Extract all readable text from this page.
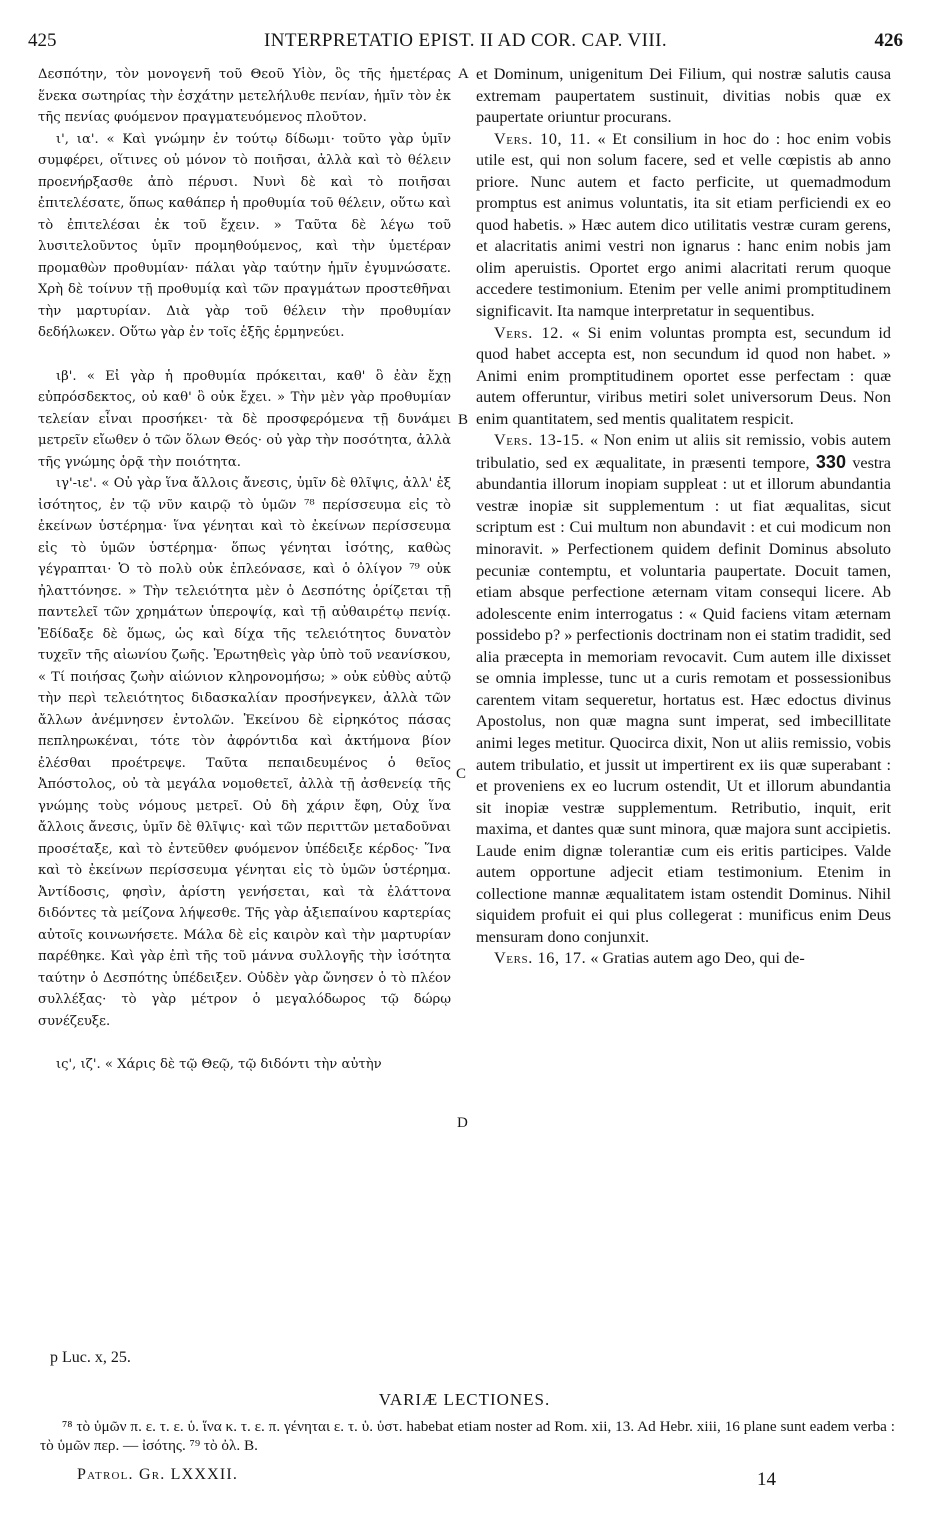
425	INTERPRETATIO EPIST. II AD COR. CAP. VIII.	426

Δεσπότην, τὸν μονογενῆ τοῦ Θεοῦ Υἱὸν, ὃς τῆς ἡμετέρας ἕνεκα σωτηρίας τὴν ἐσχάτην μετελήλυθε πενίαν, ἡμῖν τὸν ἐκ τῆς πενίας φυόμενον πραγματευόμενος πλοῦτον.

ι', ια'. « Καὶ γνώμην ἐν τούτῳ δίδωμι· τοῦτο γὰρ ὑμῖν συμφέρει, οἵτινες οὐ μόνον τὸ ποιῆσαι, ἀλλὰ καὶ τὸ θέλειν προενήρξασθε ἀπὸ πέρυσι. Νυνὶ δὲ καὶ τὸ ποιῆσαι ἐπιτελέσατε, ὅπως καθάπερ ἡ προθυμία τοῦ θέλειν, οὕτω καὶ τὸ ἐπιτελέσαι ἐκ τοῦ ἔχειν. » Ταῦτα δὲ λέγω τοῦ λυσιτελοῦντος ὑμῖν προμηθούμενος, καὶ τὴν ὑμετέραν προμαθὼν προθυμίαν· πάλαι γὰρ ταύτην ἡμῖν ἐγυμνώσατε. Χρὴ δὲ τοίνυν τῇ προθυμίᾳ καὶ τῶν πραγμάτων προστεθῆναι τὴν μαρτυρίαν. Διὰ γὰρ τοῦ θέλειν τὴν προθυμίαν δεδήλωκεν. Οὕτω γὰρ ἐν τοῖς ἑξῆς ἑρμηνεύει.

ιβ'. « Εἰ γὰρ ἡ προθυμία πρόκειται, καθ' ὃ ἐὰν ἔχῃ εὐπρόσδεκτος, οὐ καθ' ὃ οὐκ ἔχει. » Τὴν μὲν γὰρ προθυμίαν τελείαν εἶναι προσήκει· τὰ δὲ προσφερόμενα τῇ δυνάμει μετρεῖν εἴωθεν ὁ τῶν ὅλων Θεός· οὐ γὰρ τὴν ποσότητα, ἀλλὰ τῆς γνώμης ὁρᾷ τὴν ποιότητα.

ιγ'-ιε'. « Οὐ γὰρ ἵνα ἄλλοις ἄνεσις, ὑμῖν δὲ θλῖψις, ἀλλ' ἐξ ἰσότητος, ἐν τῷ νῦν καιρῷ τὸ ὑμῶν ⁷⁸ περίσσευμα εἰς τὸ ἐκείνων ὑστέρημα· ἵνα γένηται καὶ τὸ ἐκείνων περίσσευμα εἰς τὸ ὑμῶν ὑστέρημα· ὅπως γένηται ἰσότης, καθὼς γέγραπται· Ὁ τὸ πολὺ οὐκ ἐπλεόνασε, καὶ ὁ ὀλίγον ⁷⁹ οὐκ ἠλαττόνησε. » Τὴν τελειότητα μὲν ὁ Δεσπότης ὁρίζεται τῇ παντελεῖ τῶν χρημάτων ὑπεροψίᾳ, καὶ τῇ αὐθαιρέτῳ πενίᾳ. Ἐδίδαξε δὲ ὅμως, ὡς καὶ δίχα τῆς τελειότητος δυνατὸν τυχεῖν τῆς αἰωνίου ζωῆς. Ἐρωτηθεὶς γὰρ ὑπὸ τοῦ νεανίσκου, « Τί ποιήσας ζωὴν αἰώνιον κληρονομήσω; » οὐκ εὐθὺς αὐτῷ τὴν περὶ τελειότητος διδασκαλίαν προσήνεγκεν, ἀλλὰ τῶν ἄλλων ἀνέμνησεν ἐντολῶν. Ἐκείνου δὲ εἰρηκότος πάσας πεπληρωκέναι, τότε τὸν ἀφρόντιδα καὶ ἀκτήμονα βίον ἐλέσθαι προέτρεψε. Ταῦτα πεπαιδευμένος ὁ θεῖος Ἀπόστολος, οὐ τὰ μεγάλα νομοθετεῖ, ἀλλὰ τῇ ἀσθενείᾳ τῆς γνώμης τοὺς νόμους μετρεῖ. Οὐ δὴ χάριν ἔφη, Οὐχ ἵνα ἄλλοις ἄνεσις, ὑμῖν δὲ θλῖψις· καὶ τῶν περιττῶν μεταδοῦναι προσέταξε, καὶ τὸ ἐντεῦθεν φυόμενον ὑπέδειξε κέρδος· Ἵνα καὶ τὸ ἐκείνων περίσσευμα γένηται εἰς τὸ ὑμῶν ὑστέρημα. Ἀντίδοσις, φησὶν, ἀρίστη γενήσεται, καὶ τὰ ἐλάττονα διδόντες τὰ μείζονα λήψεσθε. Τῆς γὰρ ἀξιεπαίνου καρτερίας αὐτοῖς κοινωνήσετε. Μάλα δὲ εἰς καιρὸν καὶ τὴν μαρτυρίαν παρέθηκε. Καὶ γὰρ ἐπὶ τῆς τοῦ μάννα συλλογῆς τὴν ἰσότητα ταύτην ὁ Δεσπότης ὑπέδειξεν. Οὐδὲν γὰρ ὤνησεν ὁ τὸ πλέον συλλέξας· τὸ γὰρ μέτρον ὁ μεγαλόδωρος τῷ δώρῳ συνέζευξε.

ις', ιζ'. « Χάρις δὲ τῷ Θεῷ, τῷ διδόντι τὴν αὐτὴν

et Dominum, unigenitum Dei Filium, qui nostræ salutis causa extremam paupertatem sustinuit, divitias nobis quæ ex paupertate oriuntur procurans.

Vers. 10, 11. « Et consilium in hoc do : hoc enim vobis utile est, qui non solum facere, sed et velle cœpistis ab anno priore. Nunc autem et facto perficite, ut quemadmodum promptus est animus voluntatis, ita sit etiam perficiendi ex eo quod habetis. » Hæc autem dico utilitatis vestræ curam gerens, et alacritatis animi vestri non ignarus : hanc enim nobis jam olim aperuistis. Oportet ergo animi alacritati rerum quoque accedere testimonium. Etenim per velle animi promptitudinem significavit. Ita namque interpretatur in sequentibus.

Vers. 12. « Si enim voluntas prompta est, secundum id quod habet accepta est, non secundum id quod non habet. » Animi enim promptitudinem oportet esse perfectam : quæ autem offeruntur, viribus metiri solet universorum Deus. Non enim quantitatem, sed mentis qualitatem respicit.

Vers. 13-15. « Non enim ut aliis sit remissio, vobis autem tribulatio, sed ex æqualitate, in præsenti tempore, 330 vestra abundantia illorum inopiam suppleat : ut et illorum abundantia vestræ inopiæ sit supplementum : ut fiat æqualitas, sicut scriptum est : Cui multum non abundavit : et cui modicum non minoravit. » Perfectionem quidem definit Dominus absoluto pecuniæ contemptu, et voluntaria paupertate. Docuit tamen, etiam absque perfectione æternam vitam consequi licere. Ab adolescente enim interrogatus : « Quid faciens vitam æternam possidebo p? » perfectionis doctrinam non ei statim tradidit, sed alia præcepta in memoriam revocavit. Cum autem ille dixisset se omnia implesse, tunc ut a curis remotam et possessionibus carentem vitam sequeretur, hortatus est. Hæc edoctus divinus Apostolus, non quæ magna sunt imperat, sed imbecillitate animi leges metitur. Quocirca dixit, Non ut aliis remissio, vobis autem tribulatio, et jussit ut impertirent ex iis quæ superabant : et proveniens ex eo lucrum ostendit, Ut et illorum abundantia sit inopiæ vestræ supplementum. Retributio, inquit, erit maxima, et dantes quæ sunt minora, quæ majora sunt accipietis. Laude enim dignæ tolerantiæ cum eis eritis participes. Valde autem opportune adjecit etiam testimonium. Etenim in collectione mannæ æqualitatem istam ostendit Dominus. Nihil siquidem profuit ei qui plus collegerat : munificus enim Deus mensuram dono conjunxit.

Vers. 16, 17. « Gratias autem ago Deo, qui de-

A
B
C
D
p Luc. x, 25.
VARIÆ LECTIONES.

⁷⁸ τὸ ὑμῶν π. ε. τ. ε. ὑ. ἵνα κ. τ. ε. π. γένηται ε. τ. ὑ. ὑστ. habebat etiam noster ad Rom. xii, 13. Ad Hebr. xiii, 16 plane sunt eadem verba : τὸ ὑμῶν περ. — ἰσότης. ⁷⁹ τὸ ὀλ. B.

Patrol. Gr. LXXXII.	14
